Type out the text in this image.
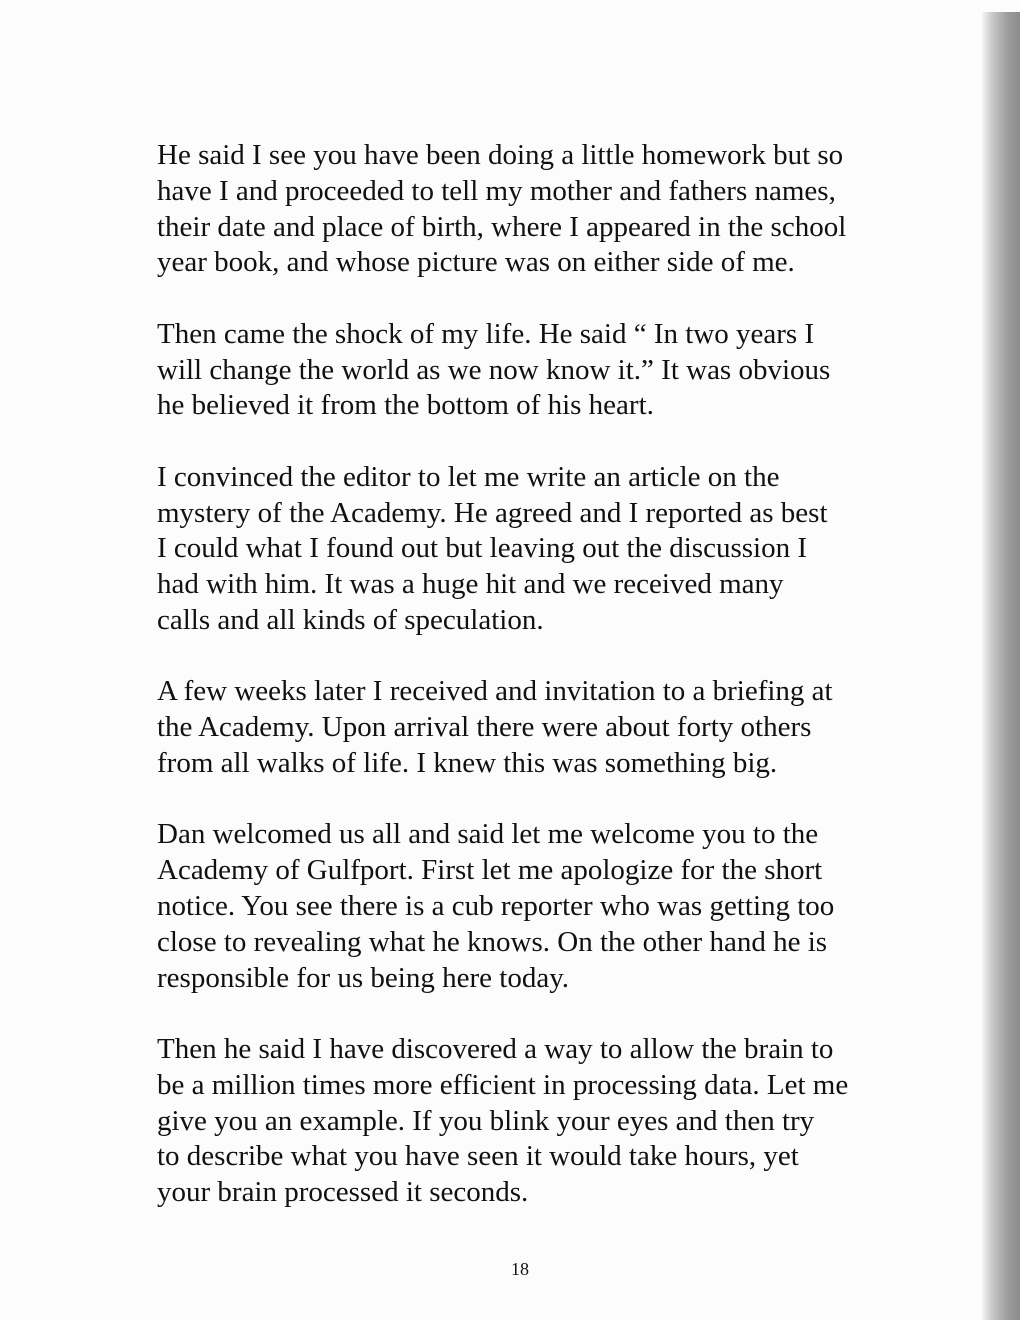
He said I see you have been doing a little homework but so
have I and proceeded to tell my mother and fathers names,
their date and place of birth, where I appeared in the school
year book, and whose picture was on either side of me.

Then came the shock of my life. He said “ In two years I
will change the world as we now know it.” It was obvious
he believed it from the bottom of his heart.

I convinced the editor to let me write an article on the
mystery of the Academy. He agreed and I reported as best
I could what I found out but leaving out the discussion I
had with him. It was a huge hit and we received many
calls and all kinds of speculation.

A few weeks later I received and invitation to a briefing at
the Academy. Upon arrival there were about forty others
from all walks of life. I knew this was something big.

Dan welcomed us all and said let me welcome you to the
Academy of Gulfport. First let me apologize for the short
notice. You see there is a cub reporter who was getting too
close to revealing what he knows. On the other hand he is
responsible for us being here today.

Then he said I have discovered a way to allow the brain to
be a million times more efficient in processing data. Let me
give you an example. If you blink your eyes and then try
to describe what you have seen it would take hours, yet
your brain processed it seconds.

18
